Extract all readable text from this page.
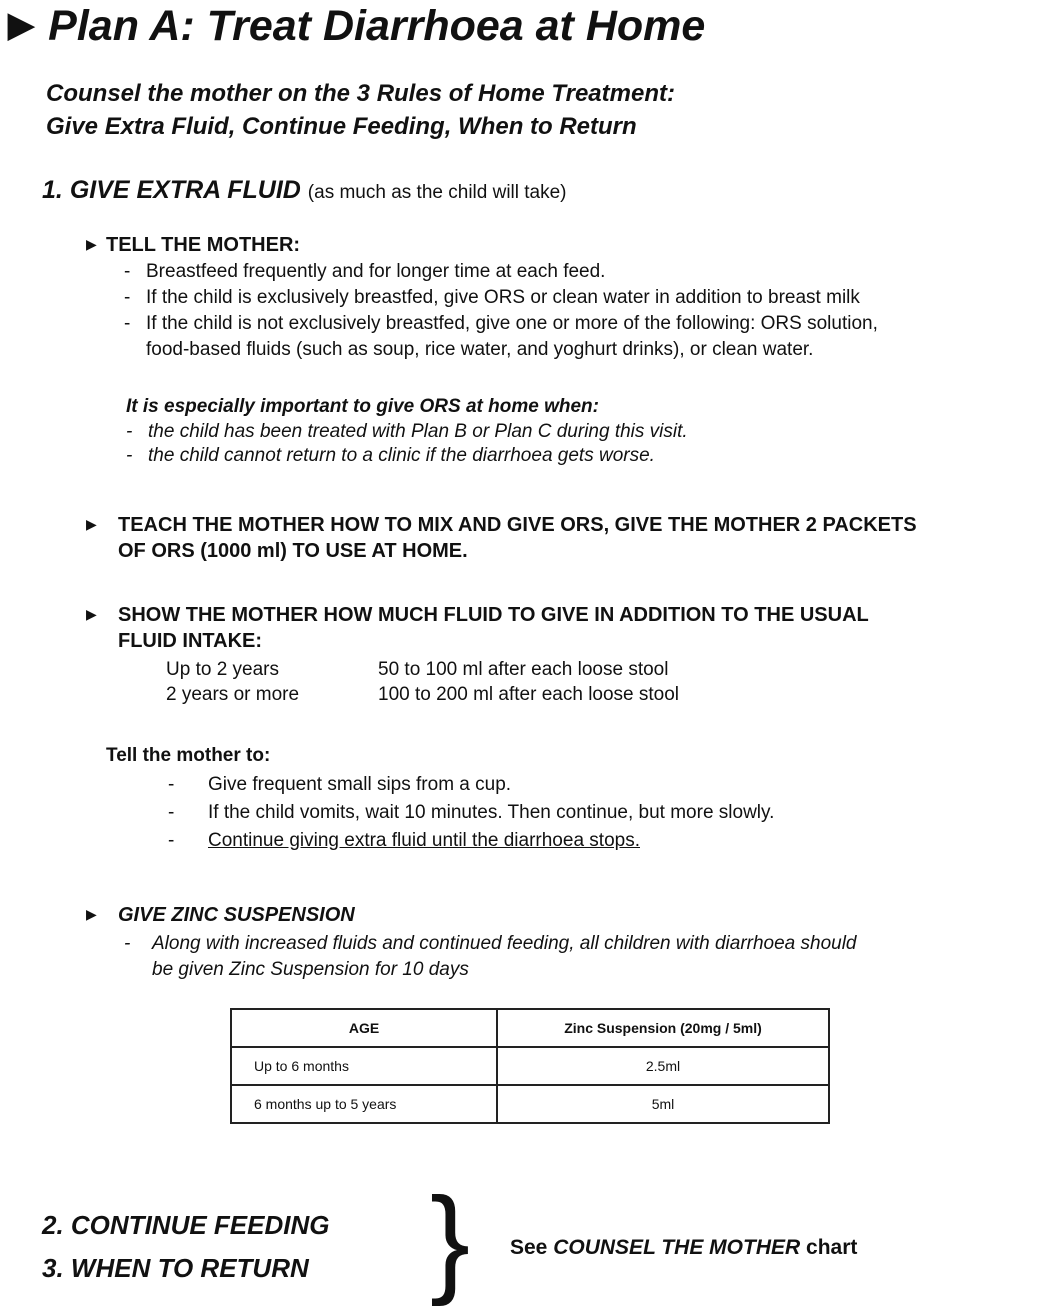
▶ Plan A: Treat Diarrhoea at Home
Counsel the mother on the 3 Rules of Home Treatment:
Give Extra Fluid, Continue Feeding, When to Return
1. GIVE EXTRA FLUID (as much as the child will take)
▶ TELL THE MOTHER:
- Breastfeed frequently and for longer time at each feed.
- If the child is exclusively breastfed, give ORS or clean water in addition to breast milk
- If the child is not exclusively breastfed, give one or more of the following: ORS solution,
food-based fluids (such as soup, rice water, and yoghurt drinks), or clean water.
It is especially important to give ORS at home when:
- the child has been treated with Plan B or Plan C during this visit.
- the child cannot return to a clinic if the diarrhoea gets worse.
▶ TEACH THE MOTHER HOW TO MIX AND GIVE ORS, GIVE THE MOTHER 2 PACKETS
OF ORS (1000 ml) TO USE AT HOME.
▶ SHOW THE MOTHER HOW MUCH FLUID TO GIVE IN ADDITION TO THE USUAL
FLUID INTAKE:
Up to 2 years	50 to 100 ml after each loose stool
2 years or more	100 to 200 ml after each loose stool
Tell the mother to:
- Give frequent small sips from a cup.
- If the child vomits, wait 10 minutes. Then continue, but more slowly.
- Continue giving extra fluid until the diarrhoea stops.
▶ GIVE ZINC SUSPENSION
- Along with increased fluids and continued feeding, all children with diarrhoea should
be given Zinc Suspension for 10 days
AGE	Zinc Suspension (20mg / 5ml)
Up to 6 months	2.5ml
6 months up to 5 years	5ml
2. CONTINUE FEEDING
3. WHEN TO RETURN } See COUNSEL THE MOTHER chart
